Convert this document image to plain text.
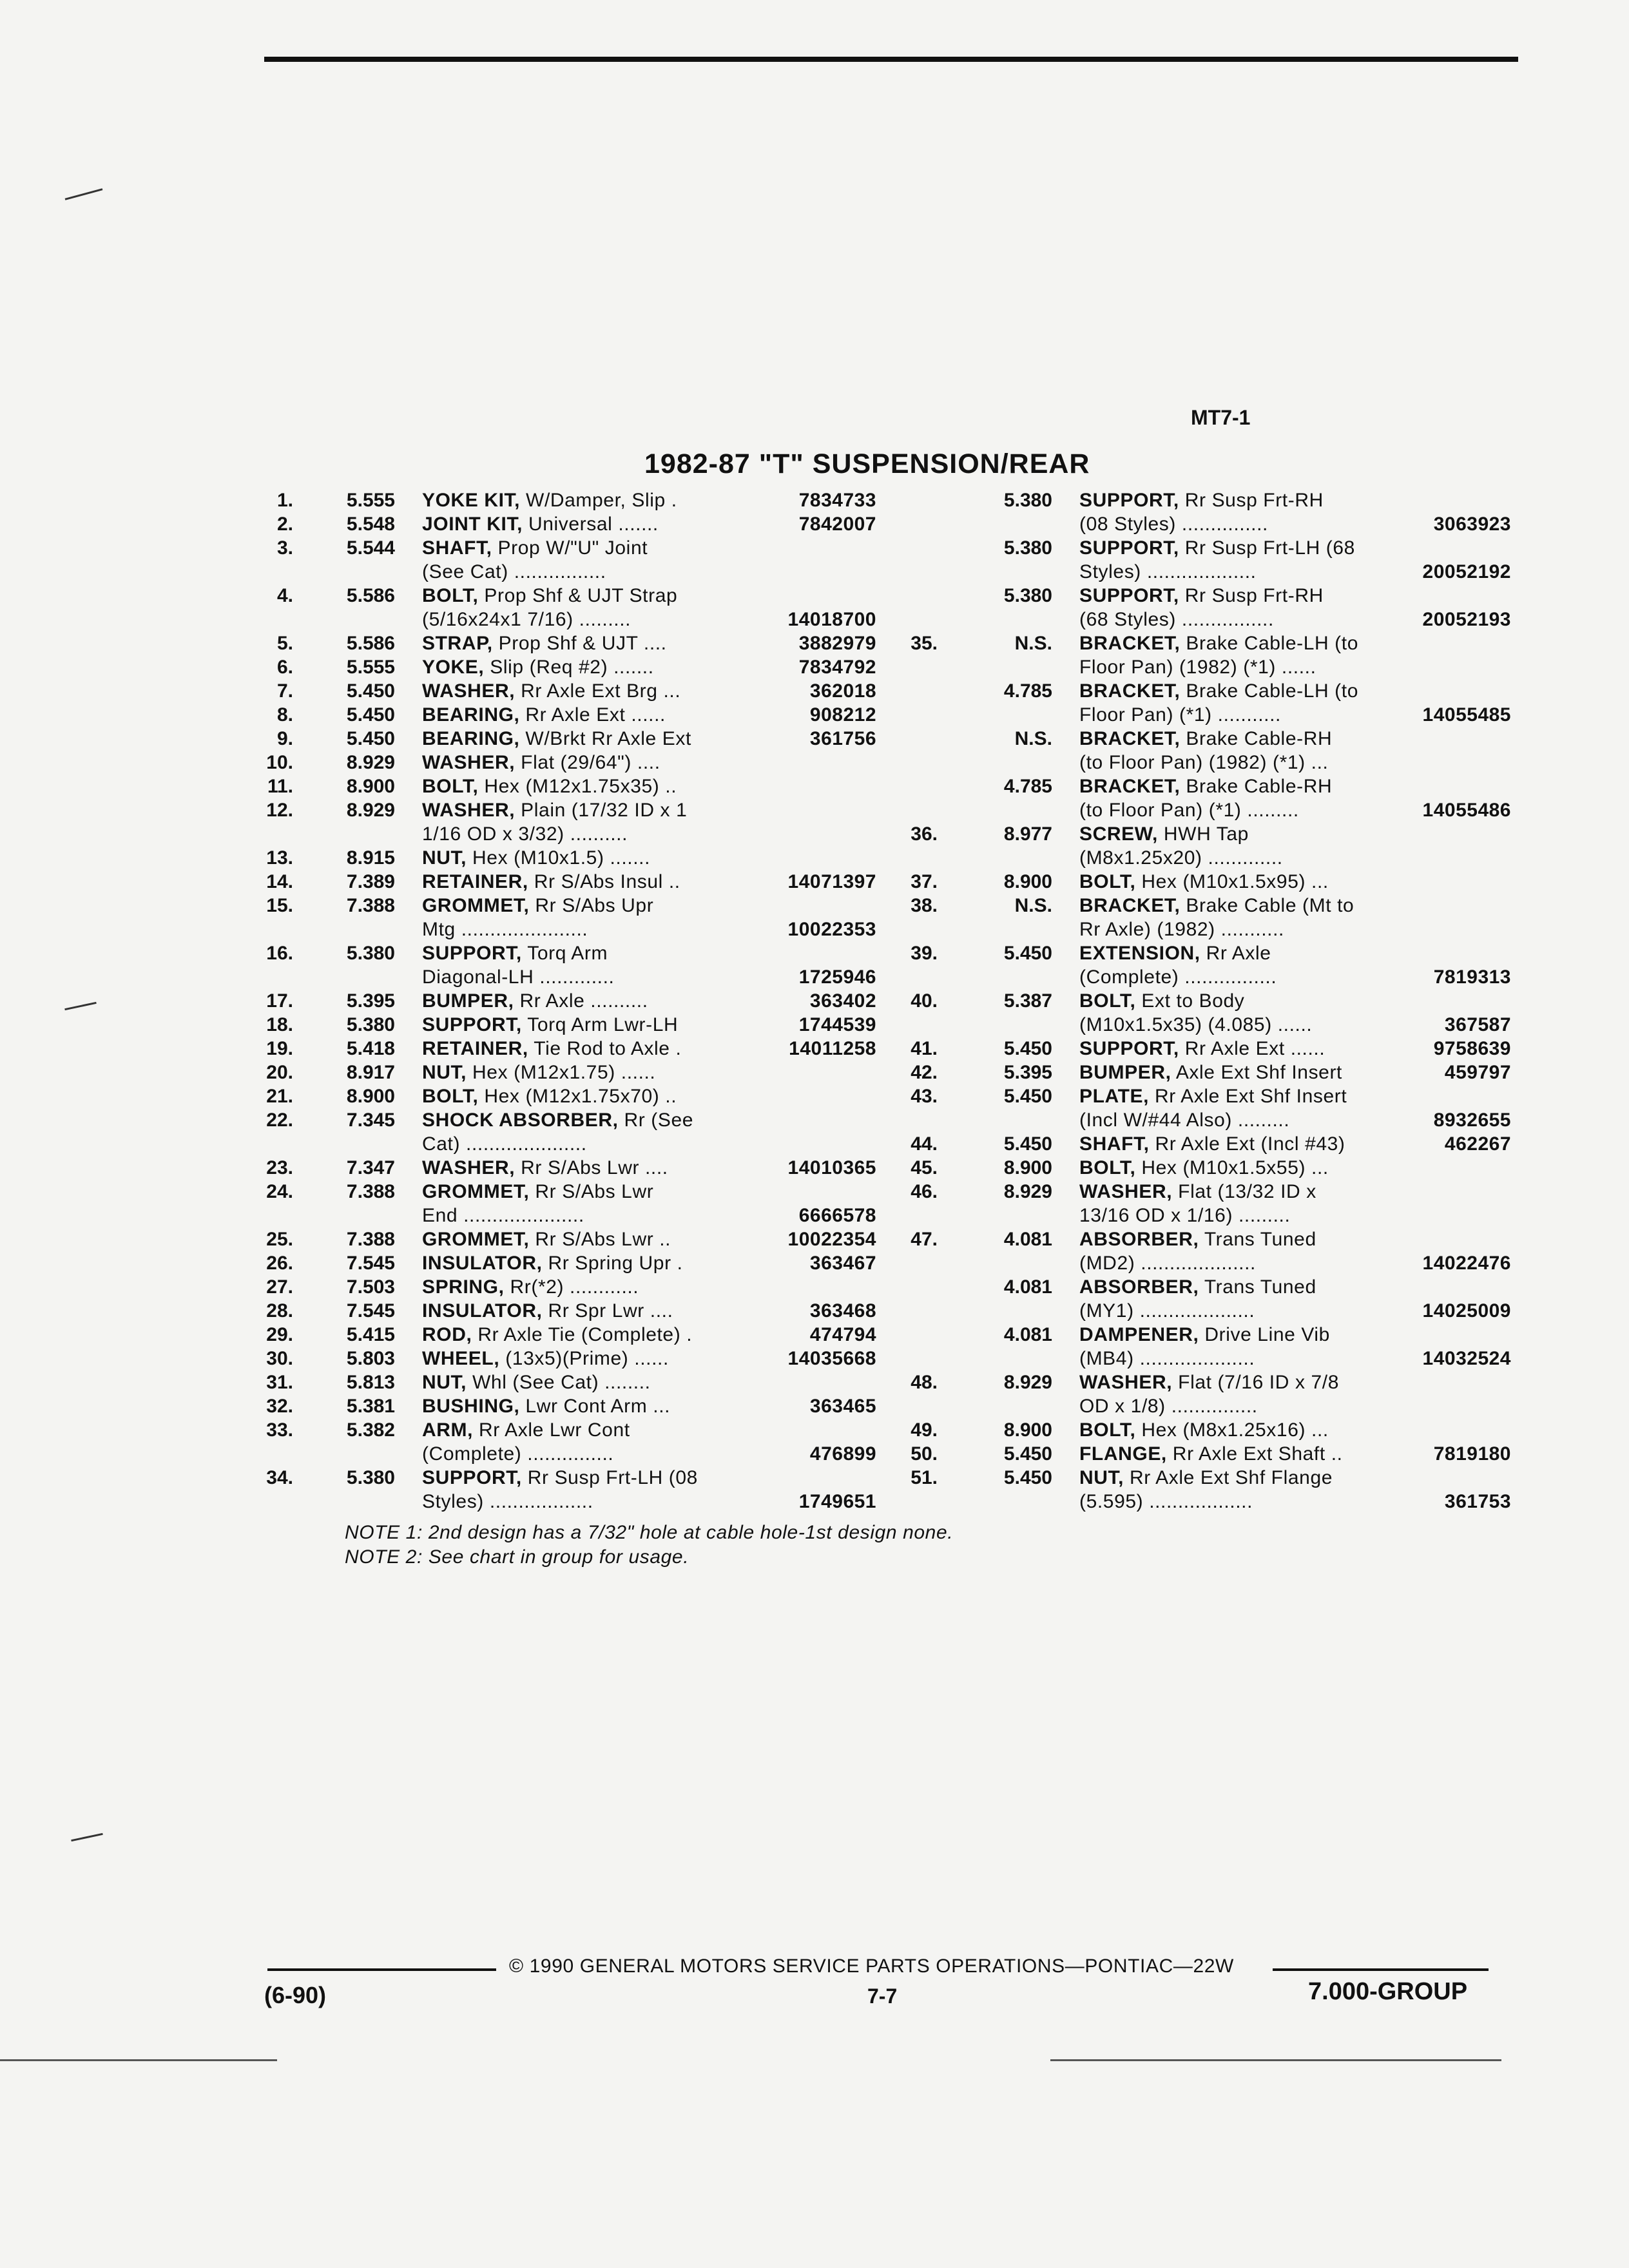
MT7-1
1982-87 "T" SUSPENSION/REAR
1.	5.555	YOKE KIT, W/Damper, Slip .	7834733
2.	5.548	JOINT KIT, Universal .......	7842007
3.	5.544	SHAFT, Prop W/"U" Joint
(See Cat) ................
4.	5.586	BOLT, Prop Shf & UJT Strap
(5/16x24x1 7/16) .........	14018700
5.	5.586	STRAP, Prop Shf & UJT ....	3882979
6.	5.555	YOKE, Slip (Req #2) .......	7834792
7.	5.450	WASHER, Rr Axle Ext Brg ...	362018
8.	5.450	BEARING, Rr Axle Ext ......	908212
9.	5.450	BEARING, W/Brkt Rr Axle Ext	361756
10.	8.929	WASHER, Flat (29/64") ....
11.	8.900	BOLT, Hex (M12x1.75x35) ..
12.	8.929	WASHER, Plain (17/32 ID x 1
1/16 OD x 3/32) ..........
13.	8.915	NUT, Hex (M10x1.5) .......
14.	7.389	RETAINER, Rr S/Abs Insul ..	14071397
15.	7.388	GROMMET, Rr S/Abs Upr
Mtg ......................	10022353
16.	5.380	SUPPORT, Torq Arm
Diagonal-LH .............	1725946
17.	5.395	BUMPER, Rr Axle ..........	363402
18.	5.380	SUPPORT, Torq Arm Lwr-LH	1744539
19.	5.418	RETAINER, Tie Rod to Axle .	14011258
20.	8.917	NUT, Hex (M12x1.75) ......
21.	8.900	BOLT, Hex (M12x1.75x70) ..
22.	7.345	SHOCK ABSORBER, Rr (See
Cat) .....................
23.	7.347	WASHER, Rr S/Abs Lwr ....	14010365
24.	7.388	GROMMET, Rr S/Abs Lwr
End .....................	6666578
25.	7.388	GROMMET, Rr S/Abs Lwr ..	10022354
26.	7.545	INSULATOR, Rr Spring Upr .	363467
27.	7.503	SPRING, Rr(*2) ............
28.	7.545	INSULATOR, Rr Spr Lwr ....	363468
29.	5.415	ROD, Rr Axle Tie (Complete) .	474794
30.	5.803	WHEEL, (13x5)(Prime) ......	14035668
31.	5.813	NUT, Whl (See Cat) ........
32.	5.381	BUSHING, Lwr Cont Arm ...	363465
33.	5.382	ARM, Rr Axle Lwr Cont
(Complete) ...............	476899
34.	5.380	SUPPORT, Rr Susp Frt-LH (08
Styles) ..................	1749651
5.380	SUPPORT, Rr Susp Frt-RH
(08 Styles) ...............	3063923
5.380	SUPPORT, Rr Susp Frt-LH (68
Styles) ...................	20052192
5.380	SUPPORT, Rr Susp Frt-RH
(68 Styles) ................	20052193
35.	N.S.	BRACKET, Brake Cable-LH (to
Floor Pan) (1982) (*1) ......
4.785	BRACKET, Brake Cable-LH (to
Floor Pan) (*1) ...........	14055485
N.S.	BRACKET, Brake Cable-RH
(to Floor Pan) (1982) (*1) ...
4.785	BRACKET, Brake Cable-RH
(to Floor Pan) (*1) .........	14055486
36.	8.977	SCREW, HWH Tap
(M8x1.25x20) .............
37.	8.900	BOLT, Hex (M10x1.5x95) ...
38.	N.S.	BRACKET, Brake Cable (Mt to
Rr Axle) (1982) ...........
39.	5.450	EXTENSION, Rr Axle
(Complete) ................	7819313
40.	5.387	BOLT, Ext to Body
(M10x1.5x35) (4.085) ......	367587
41.	5.450	SUPPORT, Rr Axle Ext ......	9758639
42.	5.395	BUMPER, Axle Ext Shf Insert	459797
43.	5.450	PLATE, Rr Axle Ext Shf Insert
(Incl W/#44 Also) .........	8932655
44.	5.450	SHAFT, Rr Axle Ext (Incl #43)	462267
45.	8.900	BOLT, Hex (M10x1.5x55) ...
46.	8.929	WASHER, Flat (13/32 ID x
13/16 OD x 1/16) .........
47.	4.081	ABSORBER, Trans Tuned
(MD2) ....................	14022476
4.081	ABSORBER, Trans Tuned
(MY1) ....................	14025009
4.081	DAMPENER, Drive Line Vib
(MB4) ....................	14032524
48.	8.929	WASHER, Flat (7/16 ID x 7/8
OD x 1/8) ...............
49.	8.900	BOLT, Hex (M8x1.25x16) ...
50.	5.450	FLANGE, Rr Axle Ext Shaft ..	7819180
51.	5.450	NUT, Rr Axle Ext Shf Flange
(5.595) ..................	361753
NOTE 1: 2nd design has a 7/32" hole at cable hole-1st design none.
NOTE 2: See chart in group for usage.
© 1990 GENERAL MOTORS SERVICE PARTS OPERATIONS—PONTIAC—22W
(6-90)	7-7	7.000-GROUP
